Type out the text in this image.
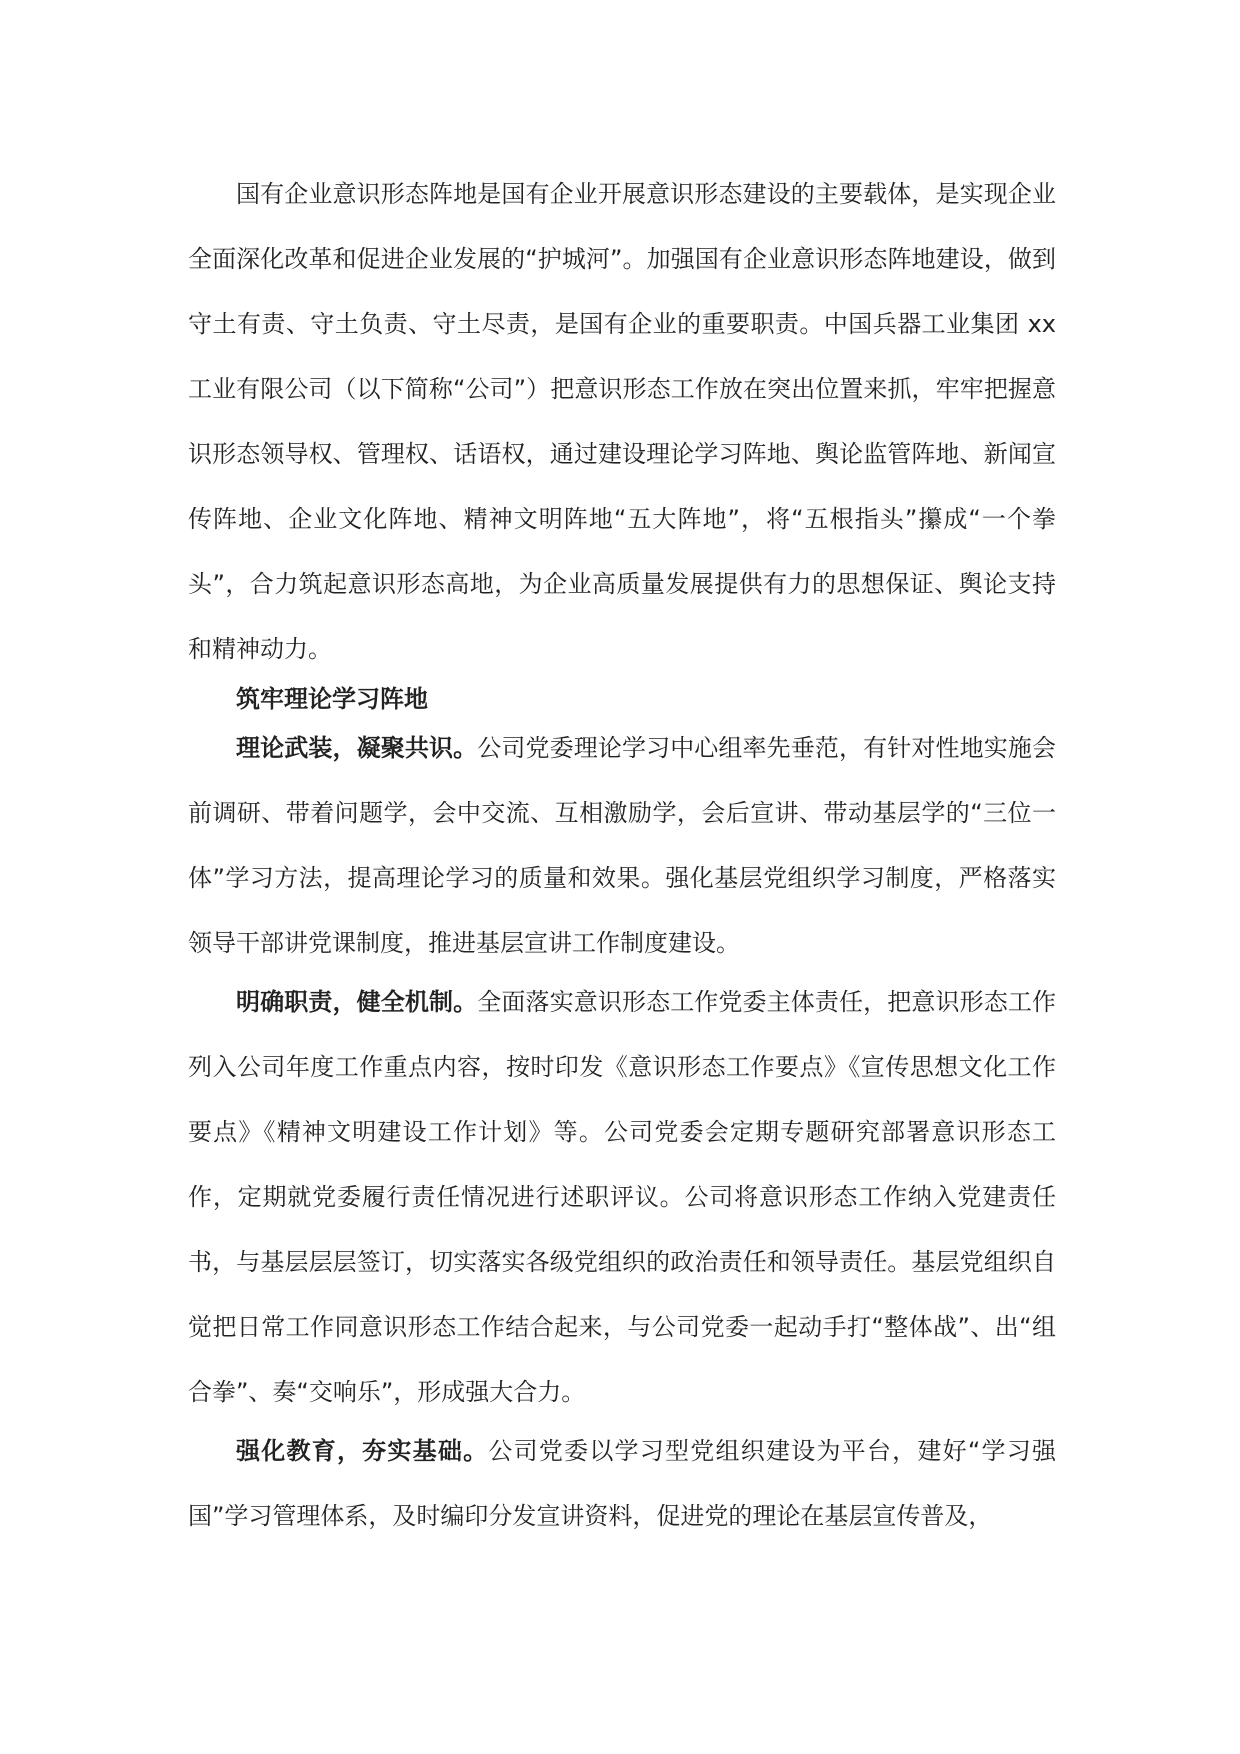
国有企业意识形态阵地是国有企业开展意识形态建设的主要载体，是实现企业全面深化改革和促进企业发展的“护城河”。加强国有企业意识形态阵地建设，做到守土有责、守土负责、守土尽责，是国有企业的重要职责。中国兵器工业集团 xx 工业有限公司（以下简称“公司”）把意识形态工作放在突出位置来抓，牢牢把握意识形态领导权、管理权、话语权，通过建设理论学习阵地、舆论监管阵地、新闻宣传阵地、企业文化阵地、精神文明阵地“五大阵地”，将“五根指头”攥成“一个拳头”，合力筑起意识形态高地，为企业高质量发展提供有力的思想保证、舆论支持和精神动力。

筑牢理论学习阵地

理论武装，凝聚共识。公司党委理论学习中心组率先垂范，有针对性地实施会前调研、带着问题学，会中交流、互相激励学，会后宣讲、带动基层学的“三位一体”学习方法，提高理论学习的质量和效果。强化基层党组织学习制度，严格落实领导干部讲党课制度，推进基层宣讲工作制度建设。

明确职责，健全机制。全面落实意识形态工作党委主体责任，把意识形态工作列入公司年度工作重点内容，按时印发《意识形态工作要点》《宣传思想文化工作要点》《精神文明建设工作计划》等。公司党委会定期专题研究部署意识形态工作，定期就党委履行责任情况进行述职评议。公司将意识形态工作纳入党建责任书，与基层层层签订，切实落实各级党组织的政治责任和领导责任。基层党组织自觉把日常工作同意识形态工作结合起来，与公司党委一起动手打“整体战”、出“组合拳”、奏“交响乐”，形成强大合力。

强化教育，夯实基础。公司党委以学习型党组织建设为平台，建好“学习强国”学习管理体系，及时编印分发宣讲资料，促进党的理论在基层宣传普及，
